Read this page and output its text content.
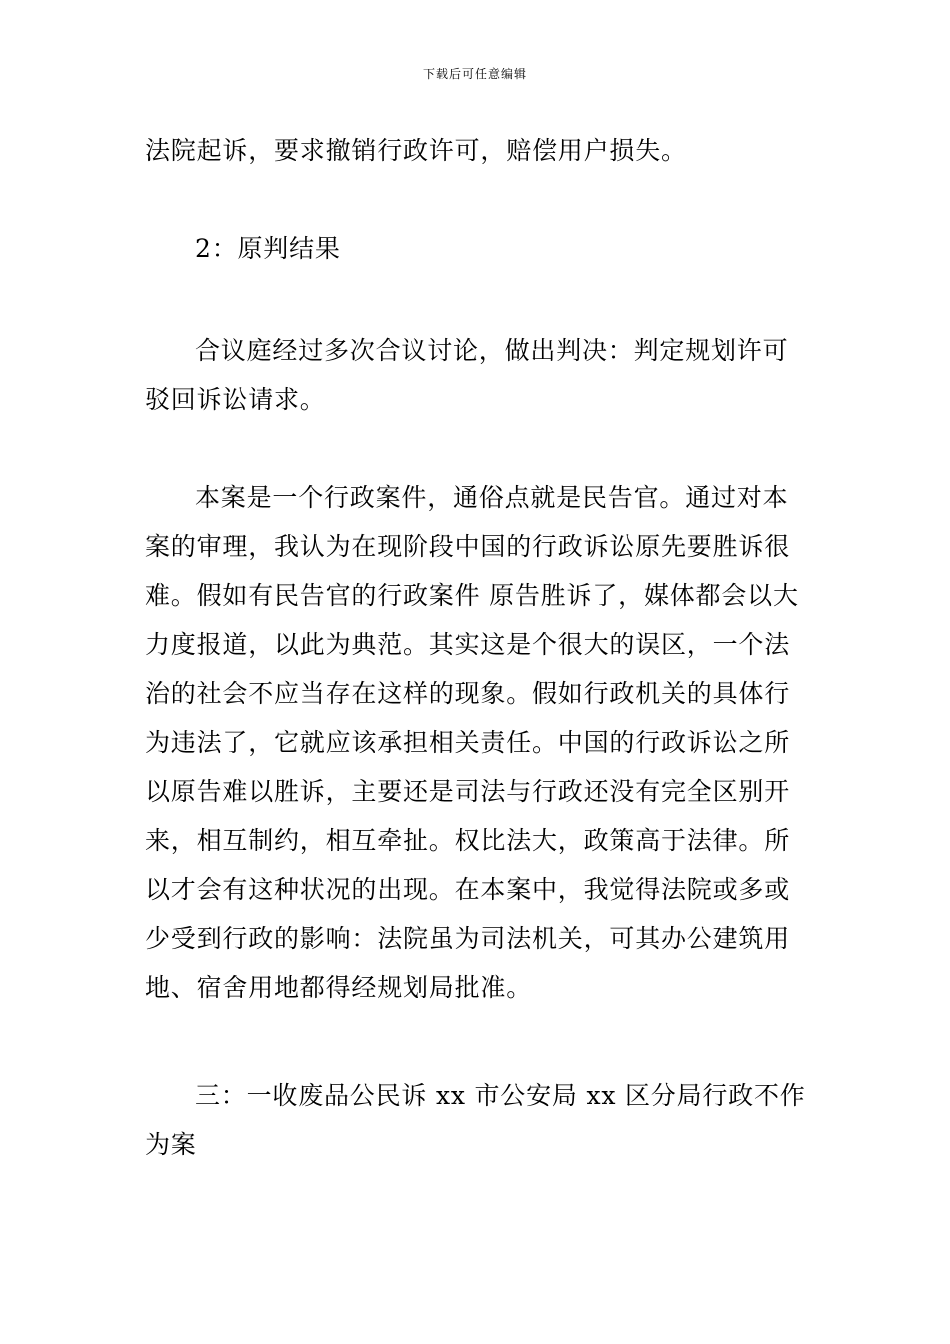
下载后可任意编辑

法院起诉，要求撤销行政许可，赔偿用户损失。

2：原判结果

合议庭经过多次合议讨论，做出判决：判定规划许可驳回诉讼请求。

本案是一个行政案件，通俗点就是民告官。通过对本案的审理，我认为在现阶段中国的行政诉讼原先要胜诉很难。假如有民告官的行政案件 原告胜诉了，媒体都会以大力度报道，以此为典范。其实这是个很大的误区，一个法治的社会不应当存在这样的现象。假如行政机关的具体行为违法了，它就应该承担相关责任。中国的行政诉讼之所以原告难以胜诉，主要还是司法与行政还没有完全区别开来，相互制约，相互牵扯。权比法大，政策高于法律。所以才会有这种状况的出现。在本案中，我觉得法院或多或少受到行政的影响：法院虽为司法机关，可其办公建筑用地、宿舍用地都得经规划局批准。

三：一收废品公民诉 xx 市公安局 xx 区分局行政不作为案
